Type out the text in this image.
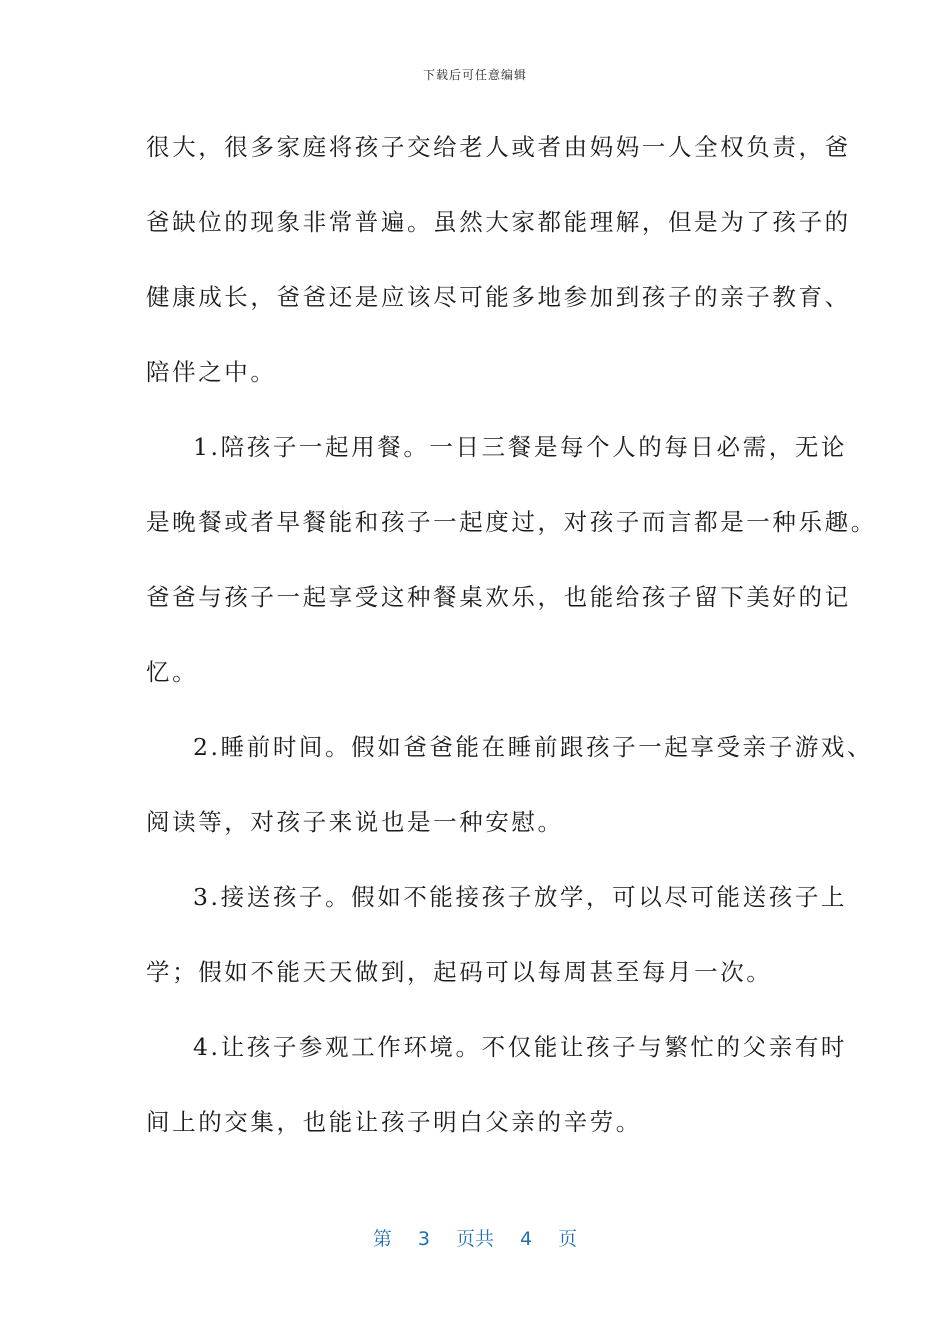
下载后可任意编辑
很大，很多家庭将孩子交给老人或者由妈妈一人全权负责，爸
爸缺位的现象非常普遍。虽然大家都能理解，但是为了孩子的
健康成长，爸爸还是应该尽可能多地参加到孩子的亲子教育、
陪伴之中。
1.陪孩子一起用餐。一日三餐是每个人的每日必需，无论
是晚餐或者早餐能和孩子一起度过，对孩子而言都是一种乐趣。
爸爸与孩子一起享受这种餐桌欢乐，也能给孩子留下美好的记
忆。
2.睡前时间。假如爸爸能在睡前跟孩子一起享受亲子游戏、
阅读等，对孩子来说也是一种安慰。
3.接送孩子。假如不能接孩子放学，可以尽可能送孩子上
学；假如不能天天做到，起码可以每周甚至每月一次。
4.让孩子参观工作环境。不仅能让孩子与繁忙的父亲有时
间上的交集，也能让孩子明白父亲的辛劳。
第 3 页共 4 页
